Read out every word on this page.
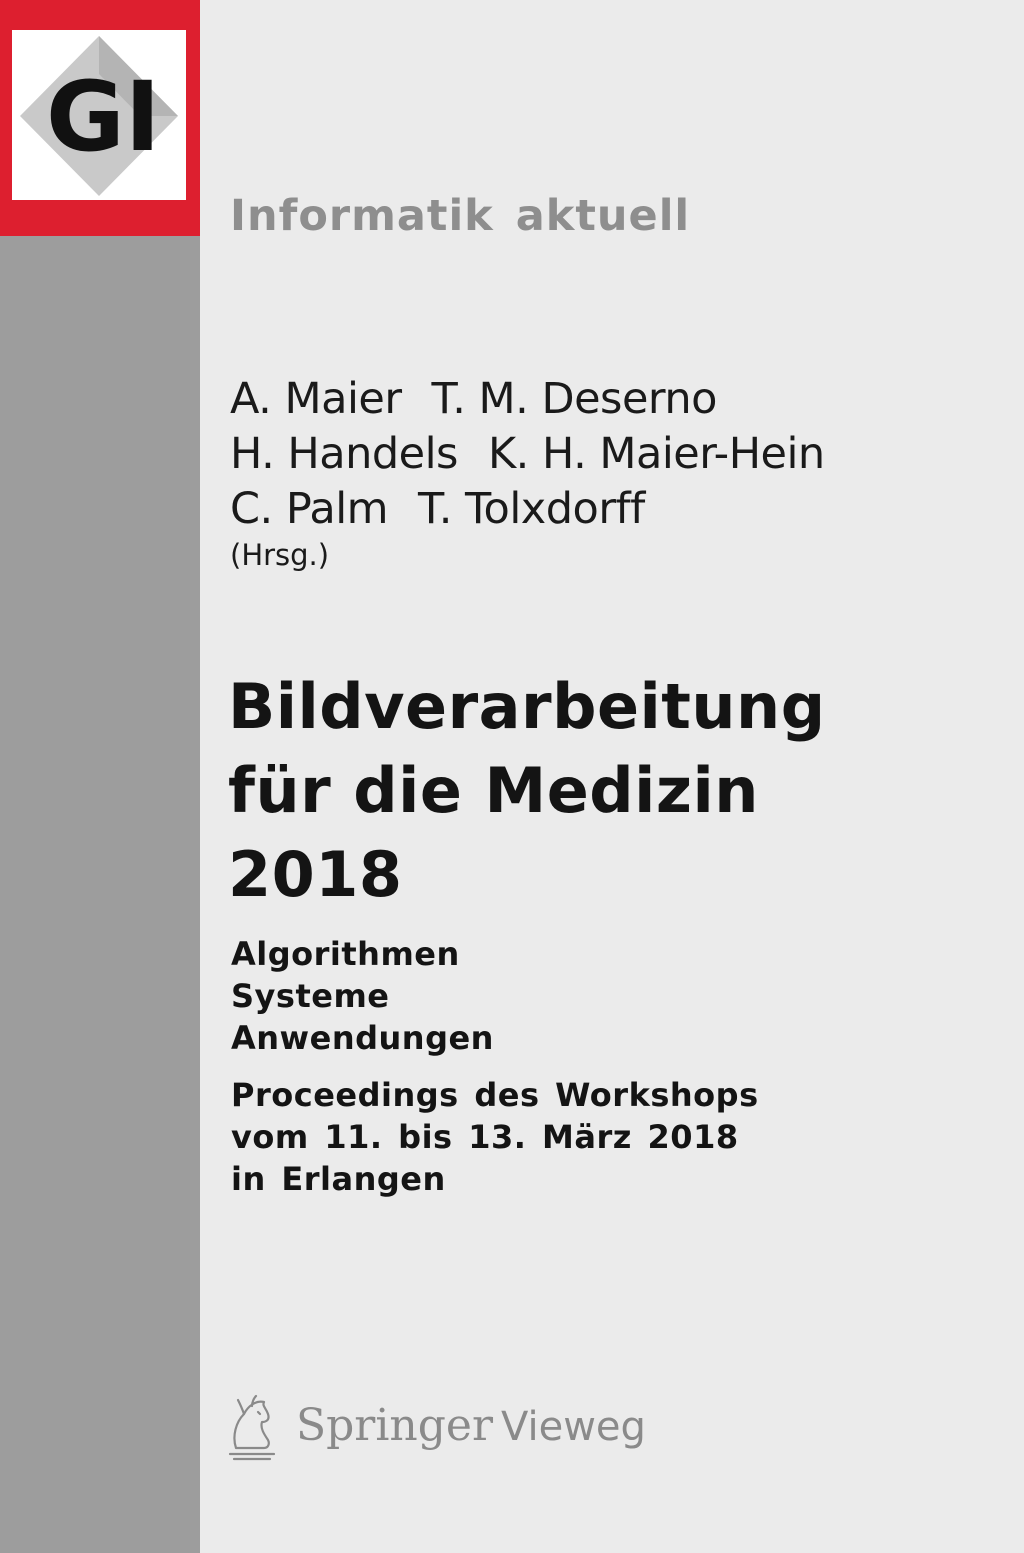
GI
Informatik aktuell
A. Maier T. M. Deserno
H. Handels K. H. Maier-Hein
C. Palm T. Tolxdorff
(Hrsg.)
Bildverarbeitung
für die Medizin
2018
Algorithmen
Systeme
Anwendungen
Proceedings des Workshops
vom 11. bis 13. März 2018
in Erlangen
Springer Vieweg
